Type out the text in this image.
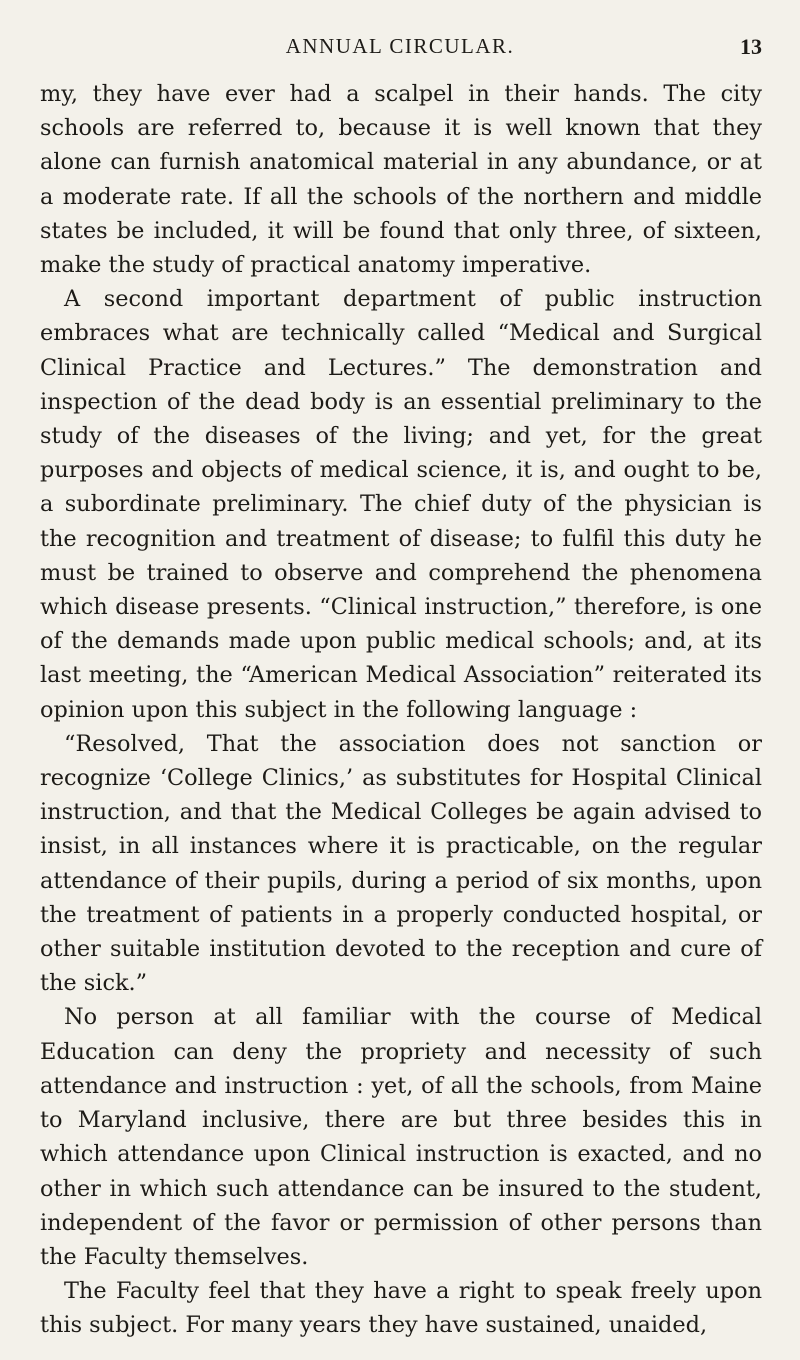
ANNUAL CIRCULAR.	13

my, they have ever had a scalpel in their hands. The city schools are referred to, because it is well known that they alone can furnish anatomical material in any abundance, or at a moderate rate. If all the schools of the northern and middle states be included, it will be found that only three, of sixteen, make the study of practical anatomy imperative.

A second important department of public instruction embraces what are technically called “Medical and Surgical Clinical Practice and Lectures.” The demonstration and inspection of the dead body is an essential preliminary to the study of the diseases of the living; and yet, for the great purposes and objects of medical science, it is, and ought to be, a subordinate preliminary. The chief duty of the physician is the recognition and treatment of disease; to fulfil this duty he must be trained to observe and comprehend the phenomena which disease presents. “Clinical instruction,” therefore, is one of the demands made upon public medical schools; and, at its last meeting, the “American Medical Association” reiterated its opinion upon this subject in the following language :

“Resolved, That the association does not sanction or recognize ‘College Clinics,’ as substitutes for Hospital Clinical instruction, and that the Medical Colleges be again advised to insist, in all instances where it is practicable, on the regular attendance of their pupils, during a period of six months, upon the treatment of patients in a properly conducted hospital, or other suitable institution devoted to the reception and cure of the sick.”

No person at all familiar with the course of Medical Education can deny the propriety and necessity of such attendance and instruction : yet, of all the schools, from Maine to Maryland inclusive, there are but three besides this in which attendance upon Clinical instruction is exacted, and no other in which such attendance can be insured to the student, independent of the favor or permission of other persons than the Faculty themselves.

The Faculty feel that they have a right to speak freely upon this subject. For many years they have sustained, unaided,
